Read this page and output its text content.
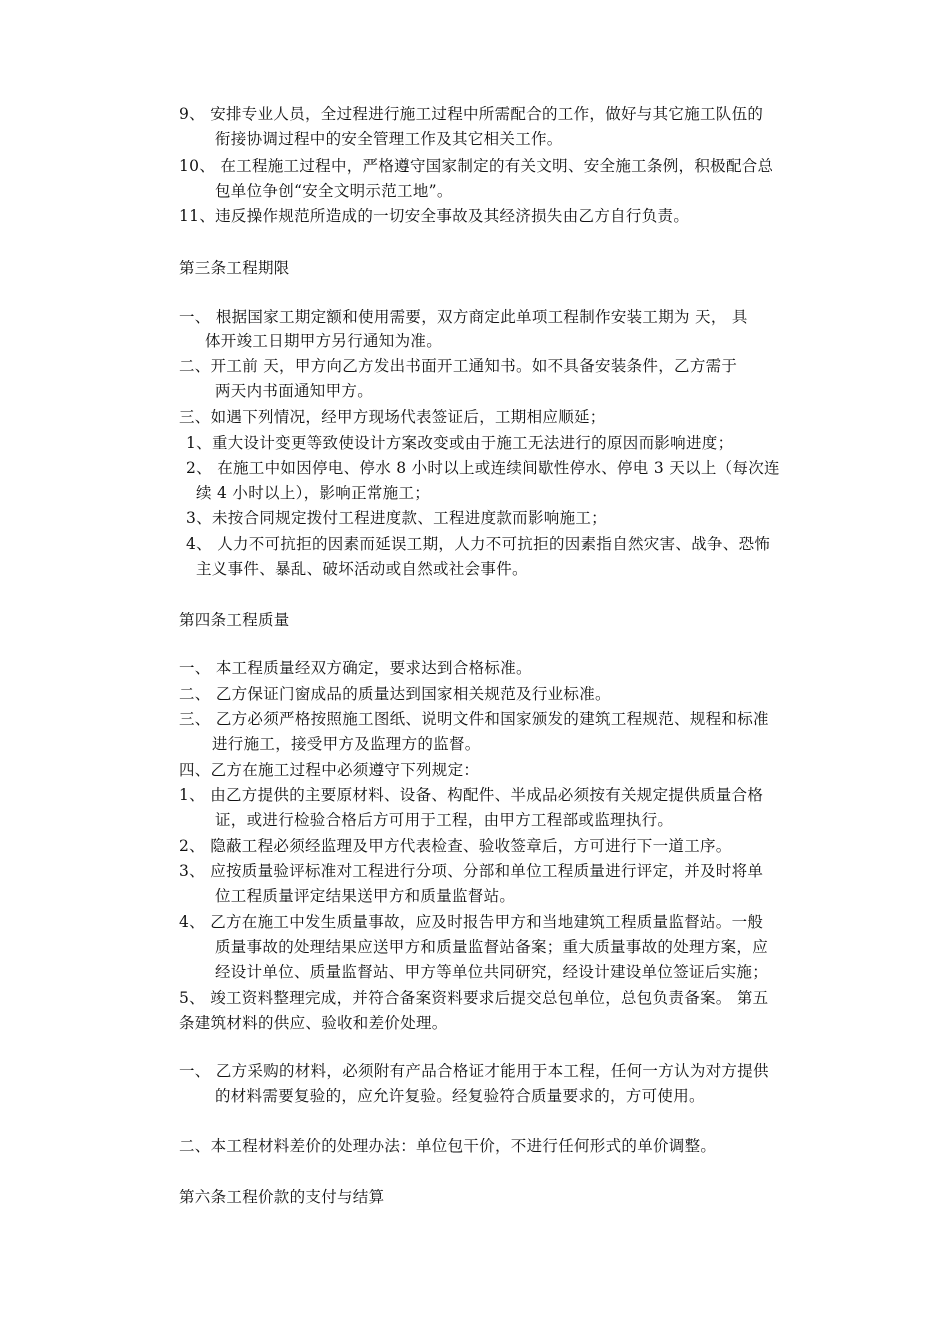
9、 安排专业人员，全过程进行施工过程中所需配合的工作，做好与其它施工队伍的
衔接协调过程中的安全管理工作及其它相关工作。
10、 在工程施工过程中，严格遵守国家制定的有关文明、安全施工条例，积极配合总
包单位争创“安全文明示范工地”。
11、违反操作规范所造成的一切安全事故及其经济损失由乙方自行负责。
第三条工程期限
一、 根据国家工期定额和使用需要，双方商定此单项工程制作安装工期为 天， 具
体开竣工日期甲方另行通知为准。
二、开工前 天，甲方向乙方发出书面开工通知书。如不具备安装条件，乙方需于
两天内书面通知甲方。
三、如遇下列情况，经甲方现场代表签证后，工期相应顺延；
1、重大设计变更等致使设计方案改变或由于施工无法进行的原因而影响进度；
2、 在施工中如因停电、停水 8 小时以上或连续间歇性停水、停电 3 天以上（每次连
续 4 小时以上），影响正常施工；
3、未按合同规定拨付工程进度款、工程进度款而影响施工；
4、 人力不可抗拒的因素而延误工期，人力不可抗拒的因素指自然灾害、战争、恐怖
主义事件、暴乱、破坏活动或自然或社会事件。
第四条工程质量
一、 本工程质量经双方确定，要求达到合格标准。
二、 乙方保证门窗成品的质量达到国家相关规范及行业标准。
三、 乙方必须严格按照施工图纸、说明文件和国家颁发的建筑工程规范、规程和标准
进行施工，接受甲方及监理方的监督。
四、乙方在施工过程中必须遵守下列规定：
1、 由乙方提供的主要原材料、设备、构配件、半成品必须按有关规定提供质量合格
证，或进行检验合格后方可用于工程，由甲方工程部或监理执行。
2、 隐蔽工程必须经监理及甲方代表检查、验收签章后，方可进行下一道工序。
3、 应按质量验评标准对工程进行分项、分部和单位工程质量进行评定，并及时将单
位工程质量评定结果送甲方和质量监督站。
4、 乙方在施工中发生质量事故，应及时报告甲方和当地建筑工程质量监督站。一般
质量事故的处理结果应送甲方和质量监督站备案；重大质量事故的处理方案，应
经设计单位、质量监督站、甲方等单位共同研究，经设计建设单位签证后实施；
5、 竣工资料整理完成，并符合备案资料要求后提交总包单位，总包负责备案。 第五
条建筑材料的供应、验收和差价处理。
一、 乙方采购的材料，必须附有产品合格证才能用于本工程，任何一方认为对方提供
的材料需要复验的，应允许复验。经复验符合质量要求的，方可使用。
二、本工程材料差价的处理办法：单位包干价，不进行任何形式的单价调整。
第六条工程价款的支付与结算
